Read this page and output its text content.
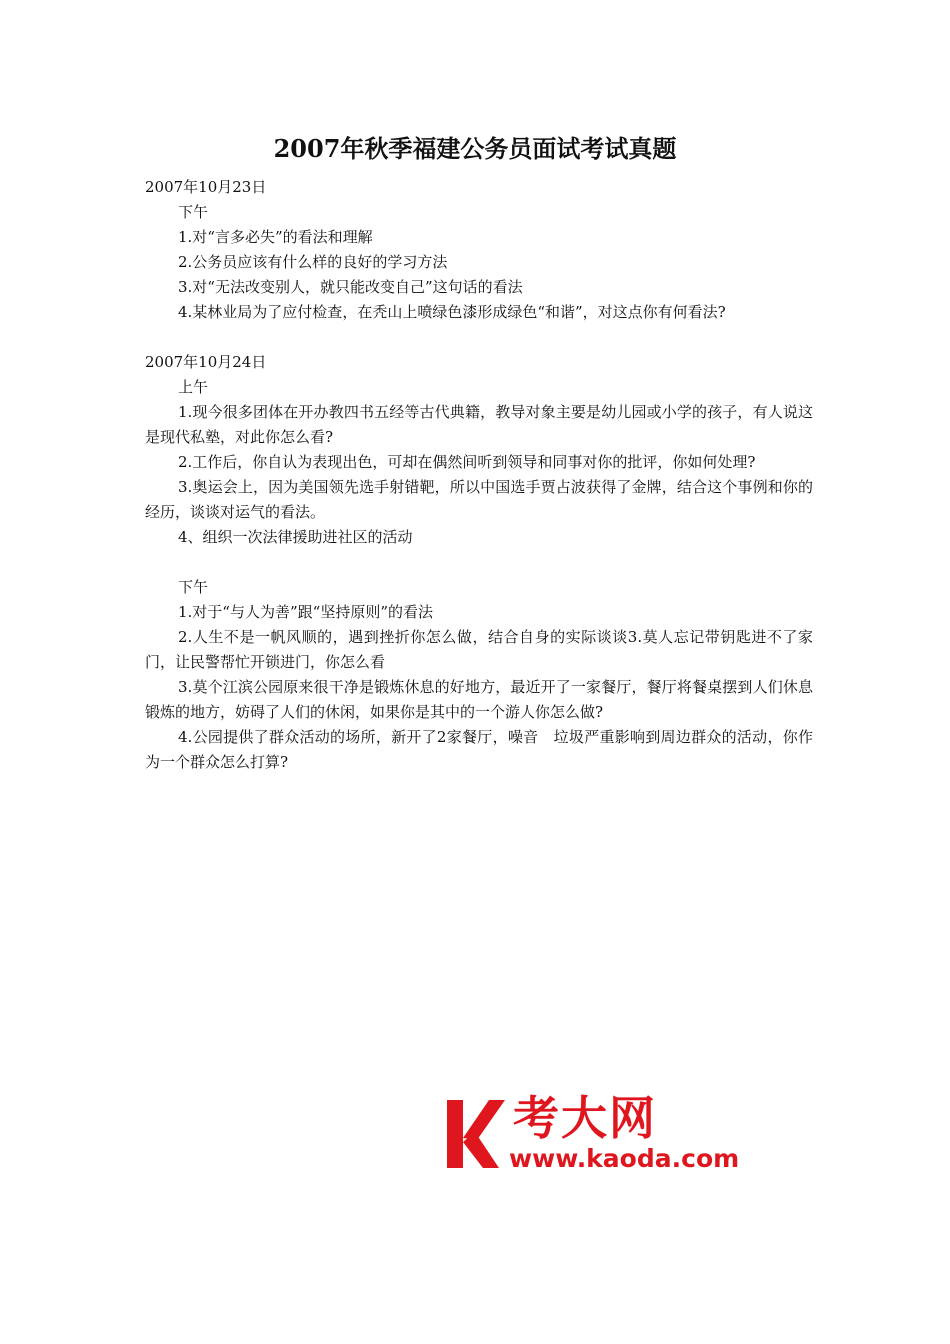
2007年秋季福建公务员面试考试真题
2007年10月23日
下午

1.对“言多必失”的看法和理解

2.公务员应该有什么样的良好的学习方法

3.对“无法改变别人，就只能改变自己”这句话的看法

4.某林业局为了应付检查，在秃山上喷绿色漆形成绿色“和谐”，对这点你有何看法?

2007年10月24日
上午

1.现今很多团体在开办教四书五经等古代典籍，教导对象主要是幼儿园或小学的孩子，有人说这是现代私塾，对此你怎么看?

2.工作后，你自认为表现出色，可却在偶然间听到领导和同事对你的批评，你如何处理?

3.奥运会上，因为美国领先选手射错靶，所以中国选手贾占波获得了金牌，结合这个事例和你的经历，谈谈对运气的看法。

4、组织一次法律援助进社区的活动

下午

1.对于“与人为善”跟“坚持原则”的看法

2.人生不是一帆风顺的，遇到挫折你怎么做，结合自身的实际谈谈3.莫人忘记带钥匙进不了家门，让民警帮忙开锁进门，你怎么看

3.莫个江滨公园原来很干净是锻炼休息的好地方，最近开了一家餐厅，餐厅将餐桌摆到人们休息锻炼的地方，妨碍了人们的休闲，如果你是其中的一个游人你怎么做?

4.公园提供了群众活动的场所，新开了2家餐厅，噪音　垃圾严重影响到周边群众的活动，你作为一个群众怎么打算?

考大网
www.kaoda.com
